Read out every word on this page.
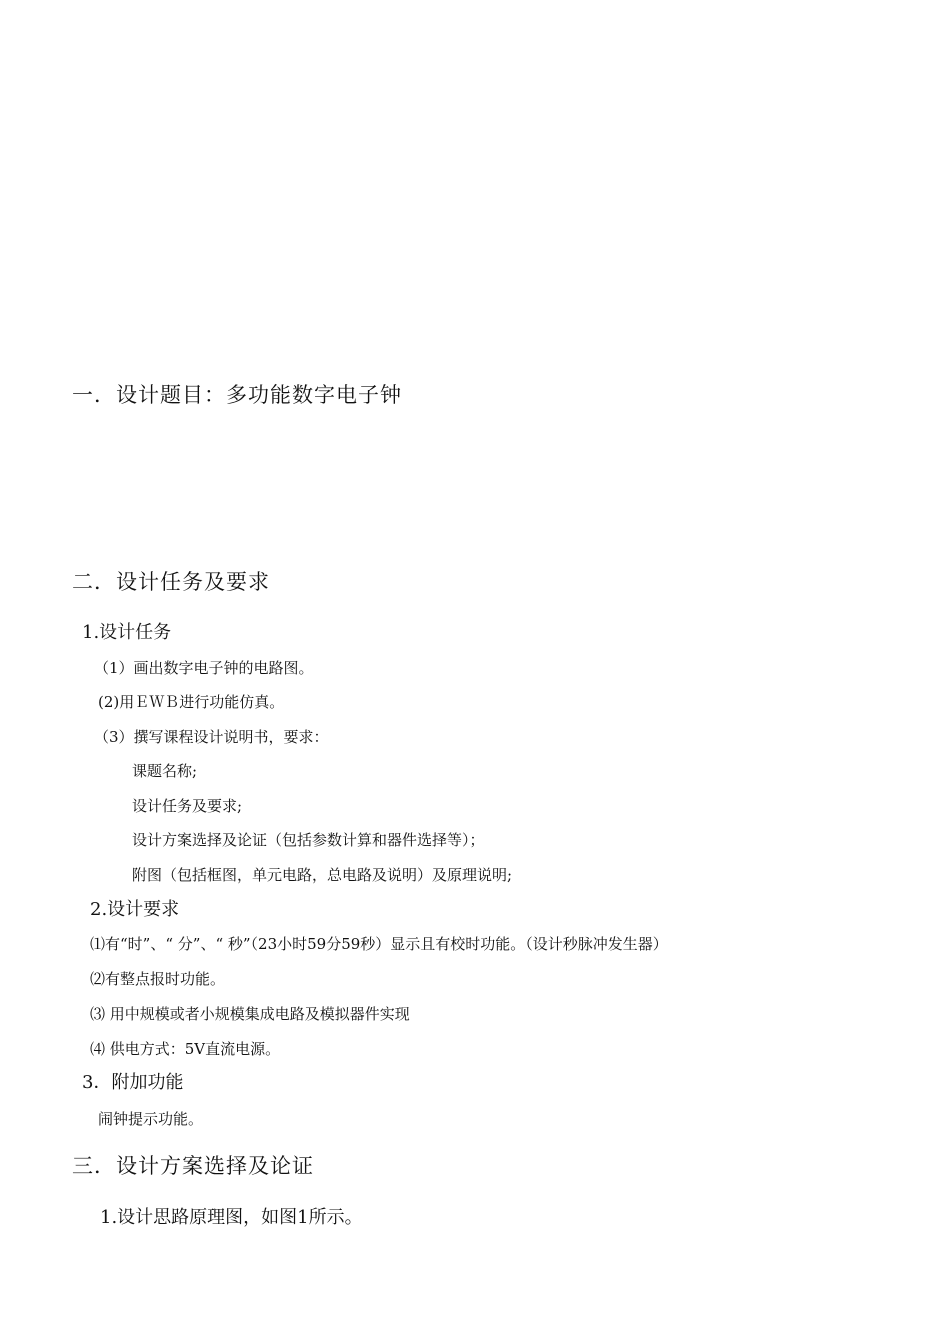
一．设计题目：多功能数字电子钟
二．设计任务及要求
1.设计任务
（1）画出数字电子钟的电路图。
(2)用ＥＷＢ进行功能仿真。
（3）撰写课程设计说明书，要求：
课题名称;
设计任务及要求;
设计方案选择及论证（包括参数计算和器件选择等）；
附图（包括框图，单元电路，总电路及说明）及原理说明;
2.设计要求
⑴有“时”、“ 分”、“ 秒”（23小时59分59秒）显示且有校时功能。（设计秒脉冲发生器）
⑵有整点报时功能。
⑶ 用中规模或者小规模集成电路及模拟器件实现
⑷ 供电方式：5V直流电源。
3．附加功能
闹钟提示功能。
三．设计方案选择及论证
1.设计思路原理图，如图1所示。
